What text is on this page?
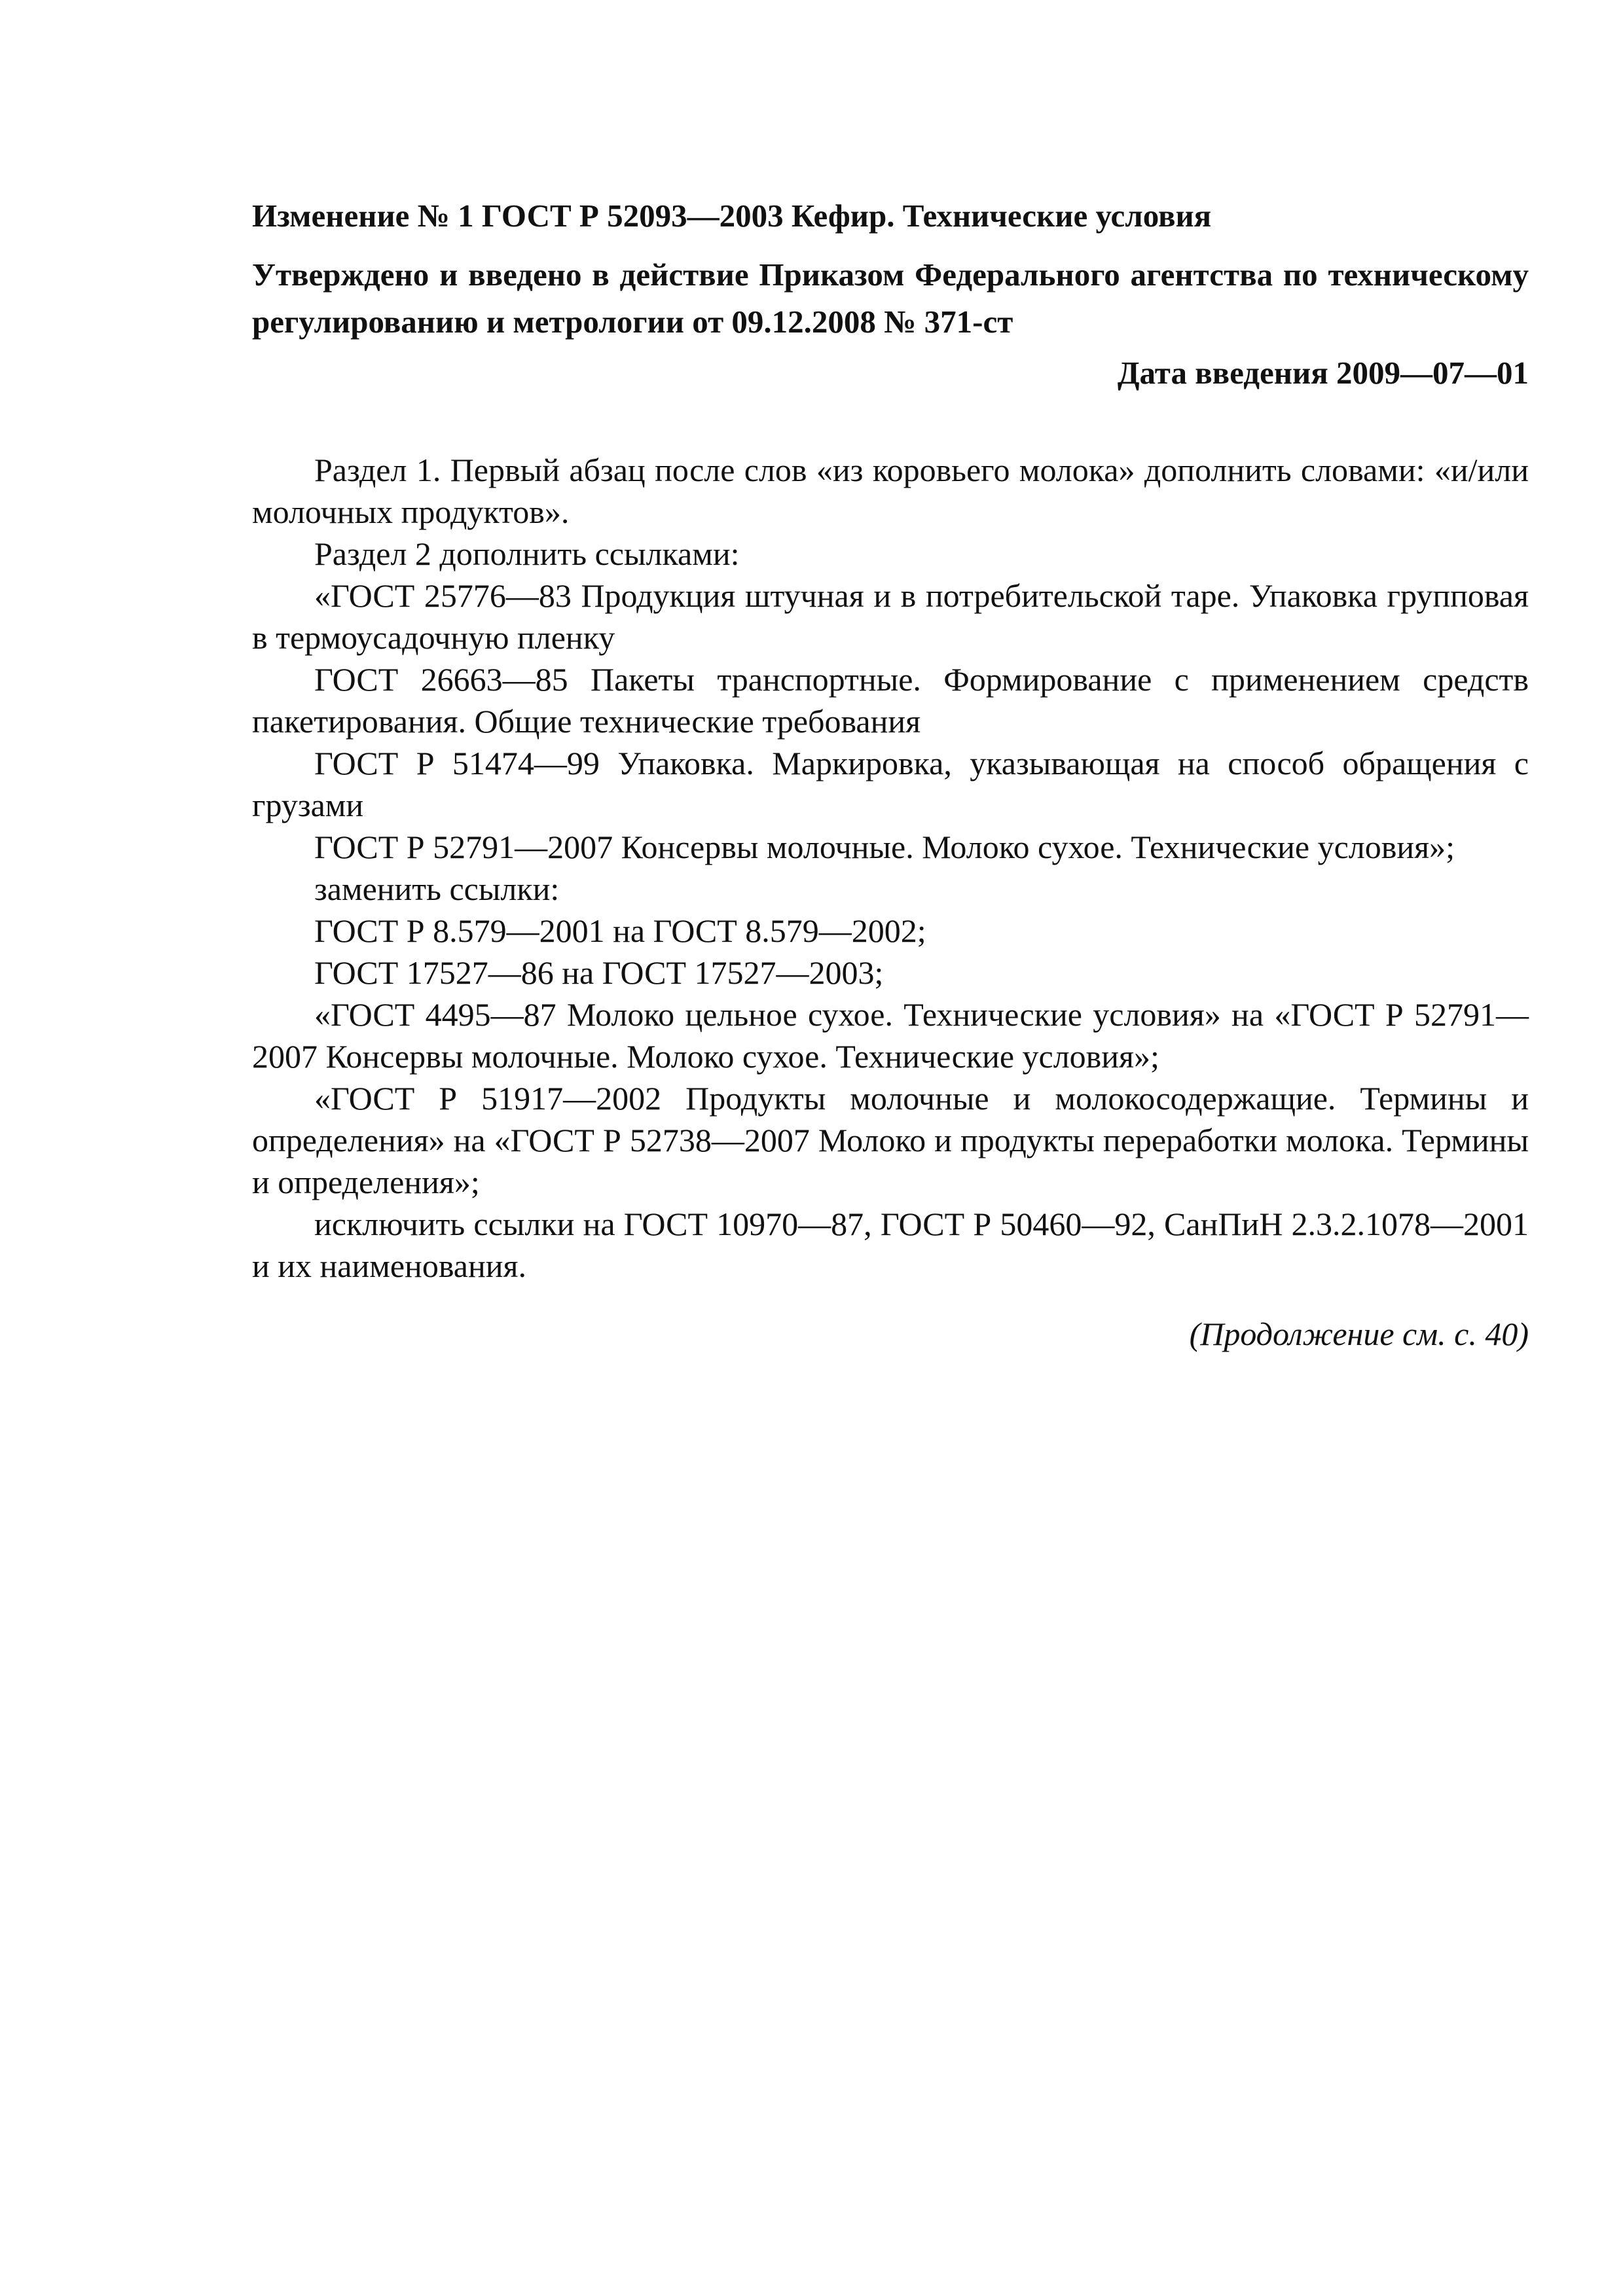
Изменение № 1 ГОСТ Р 52093—2003 Кефир. Технические условия
Утверждено и введено в действие Приказом Федерального агентства по техническому регулированию и метрологии от 09.12.2008 № 371-ст
Дата введения 2009—07—01

Раздел 1. Первый абзац после слов «из коровьего молока» дополнить словами: «и/или молочных продуктов».

Раздел 2 дополнить ссылками:

«ГОСТ 25776—83 Продукция штучная и в потребительской таре. Упаковка групповая в термоусадочную пленку

ГОСТ 26663—85 Пакеты транспортные. Формирование с применением средств пакетирования. Общие технические требования

ГОСТ Р 51474—99 Упаковка. Маркировка, указывающая на способ обращения с грузами

ГОСТ Р 52791—2007 Консервы молочные. Молоко сухое. Технические условия»;

заменить ссылки:

ГОСТ Р 8.579—2001 на ГОСТ 8.579—2002;

ГОСТ 17527—86 на ГОСТ 17527—2003;

«ГОСТ 4495—87 Молоко цельное сухое. Технические условия» на «ГОСТ Р 52791—2007 Консервы молочные. Молоко сухое. Технические условия»;

«ГОСТ Р 51917—2002 Продукты молочные и молокосодержащие. Термины и определения» на «ГОСТ Р 52738—2007 Молоко и продукты переработки молока. Термины и определения»;

исключить ссылки на ГОСТ 10970—87, ГОСТ Р 50460—92, СанПиН 2.3.2.1078—2001 и их наименования.

(Продолжение см. с. 40)
